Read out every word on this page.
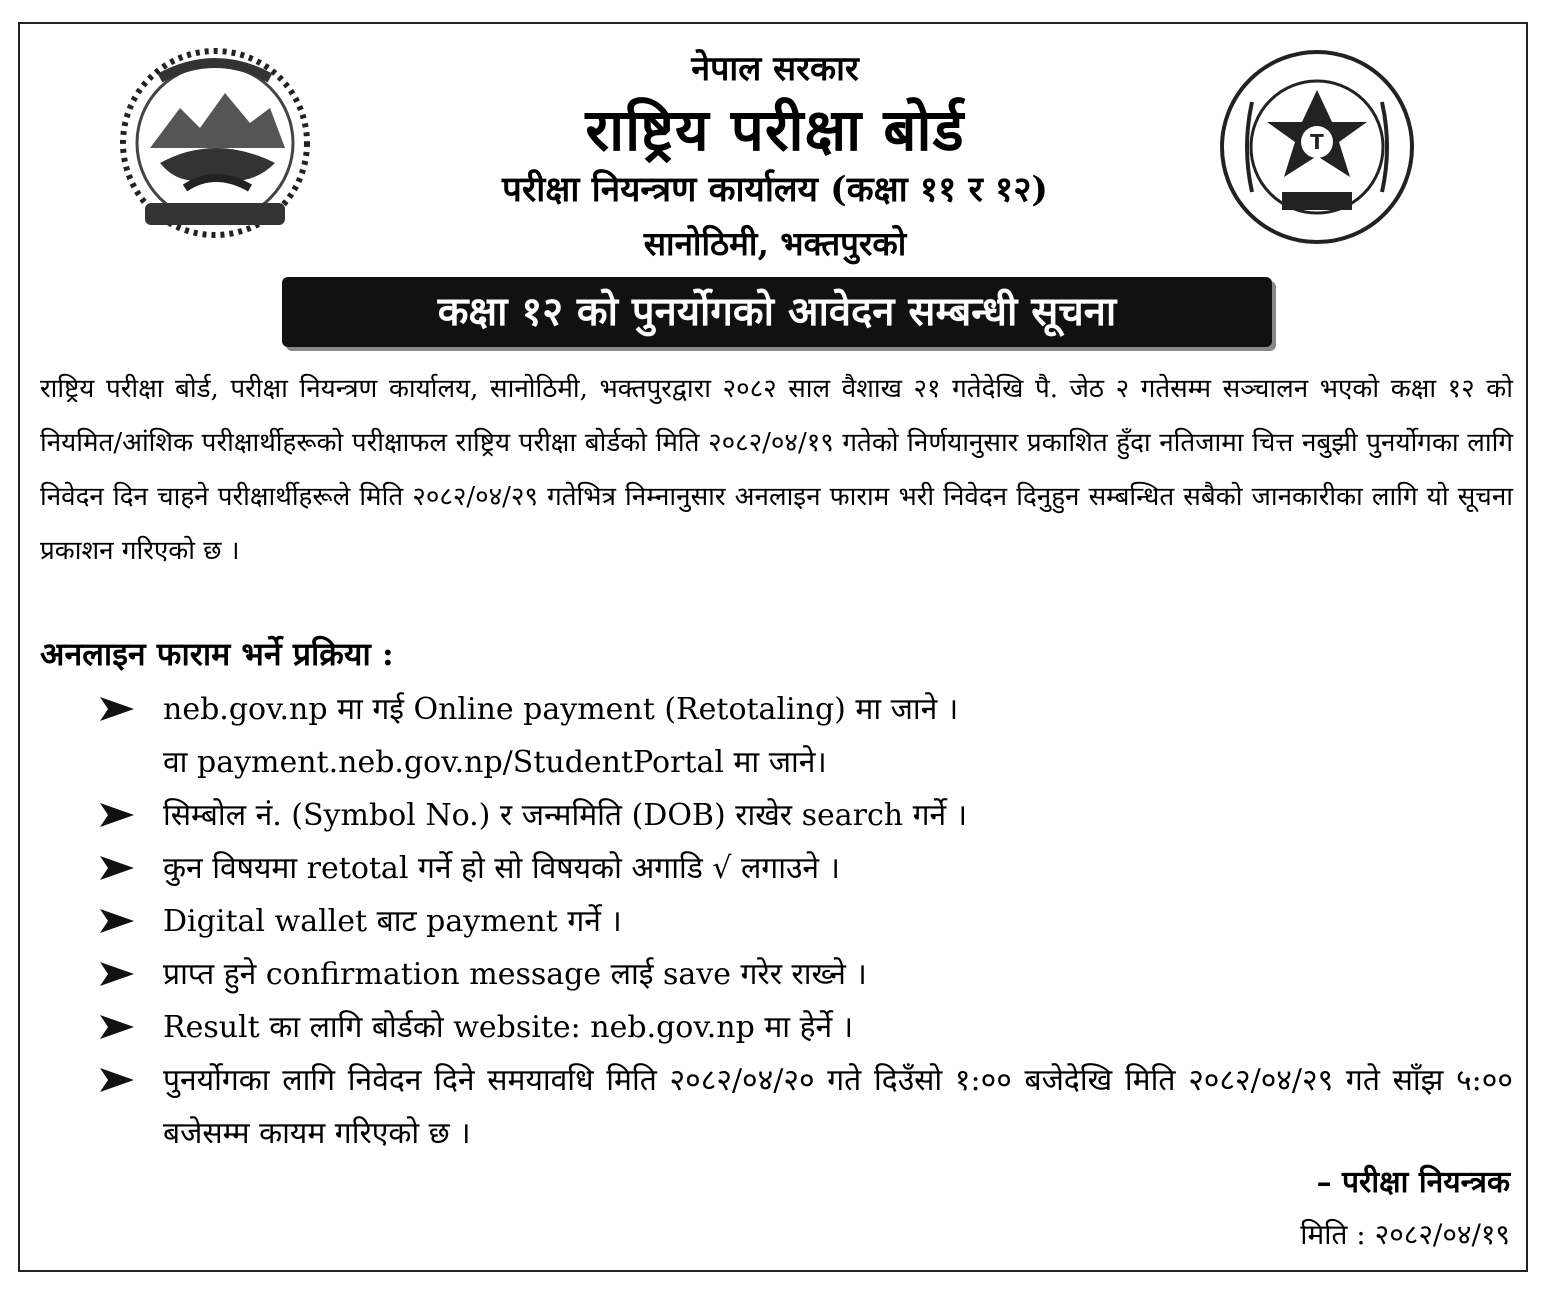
T
नेपाल सरकार
राष्ट्रिय परीक्षा बोर्ड
परीक्षा नियन्त्रण कार्यालय (कक्षा ११ र १२)
सानोठिमी, भक्तपुरको
कक्षा १२ को पुनर्योगको आवेदन सम्बन्धी सूचना
राष्ट्रिय परीक्षा बोर्ड, परीक्षा नियन्त्रण कार्यालय, सानोठिमी, भक्तपुरद्वारा २०८२ साल वैशाख २१ गतेदेखि पै. जेठ २ गतेसम्म सञ्चालन भएको कक्षा १२ को नियमित/आंशिक परीक्षार्थीहरूको परीक्षाफल राष्ट्रिय परीक्षा बोर्डको मिति २०८२/०४/१९ गतेको निर्णयानुसार प्रकाशित हुँदा नतिजामा चित्त नबुझी पुनर्योगका लागि निवेदन दिन चाहने परीक्षार्थीहरूले मिति २०८२/०४/२९ गतेभित्र निम्नानुसार अनलाइन फाराम भरी निवेदन दिनुहुन सम्बन्धित सबैको जानकारीका लागि यो सूचना प्रकाशन गरिएको छ ।
अनलाइन फाराम भर्ने प्रक्रिया :
neb.gov.np मा गई Online payment (Retotaling) मा जाने ।
वा payment.neb.gov.np/StudentPortal मा जाने।
सिम्बोल नं. (Symbol No.) र जन्ममिति (DOB) राखेर search गर्ने ।
कुन विषयमा retotal गर्ने हो सो विषयको अगाडि √ लगाउने ।
Digital wallet बाट payment गर्ने ।
प्राप्त हुने confirmation message लाई save गरेर राख्ने ।
Result का लागि बोर्डको website: neb.gov.np मा हेर्ने ।
पुनर्योगका लागि निवेदन दिने समयावधि मिति २०८२/०४/२० गते दिउँसो १:०० बजेदेखि मिति २०८२/०४/२९ गते साँझ ५:०० बजेसम्म कायम गरिएको छ ।
– परीक्षा नियन्त्रक
मिति : २०८२/०४/१९
